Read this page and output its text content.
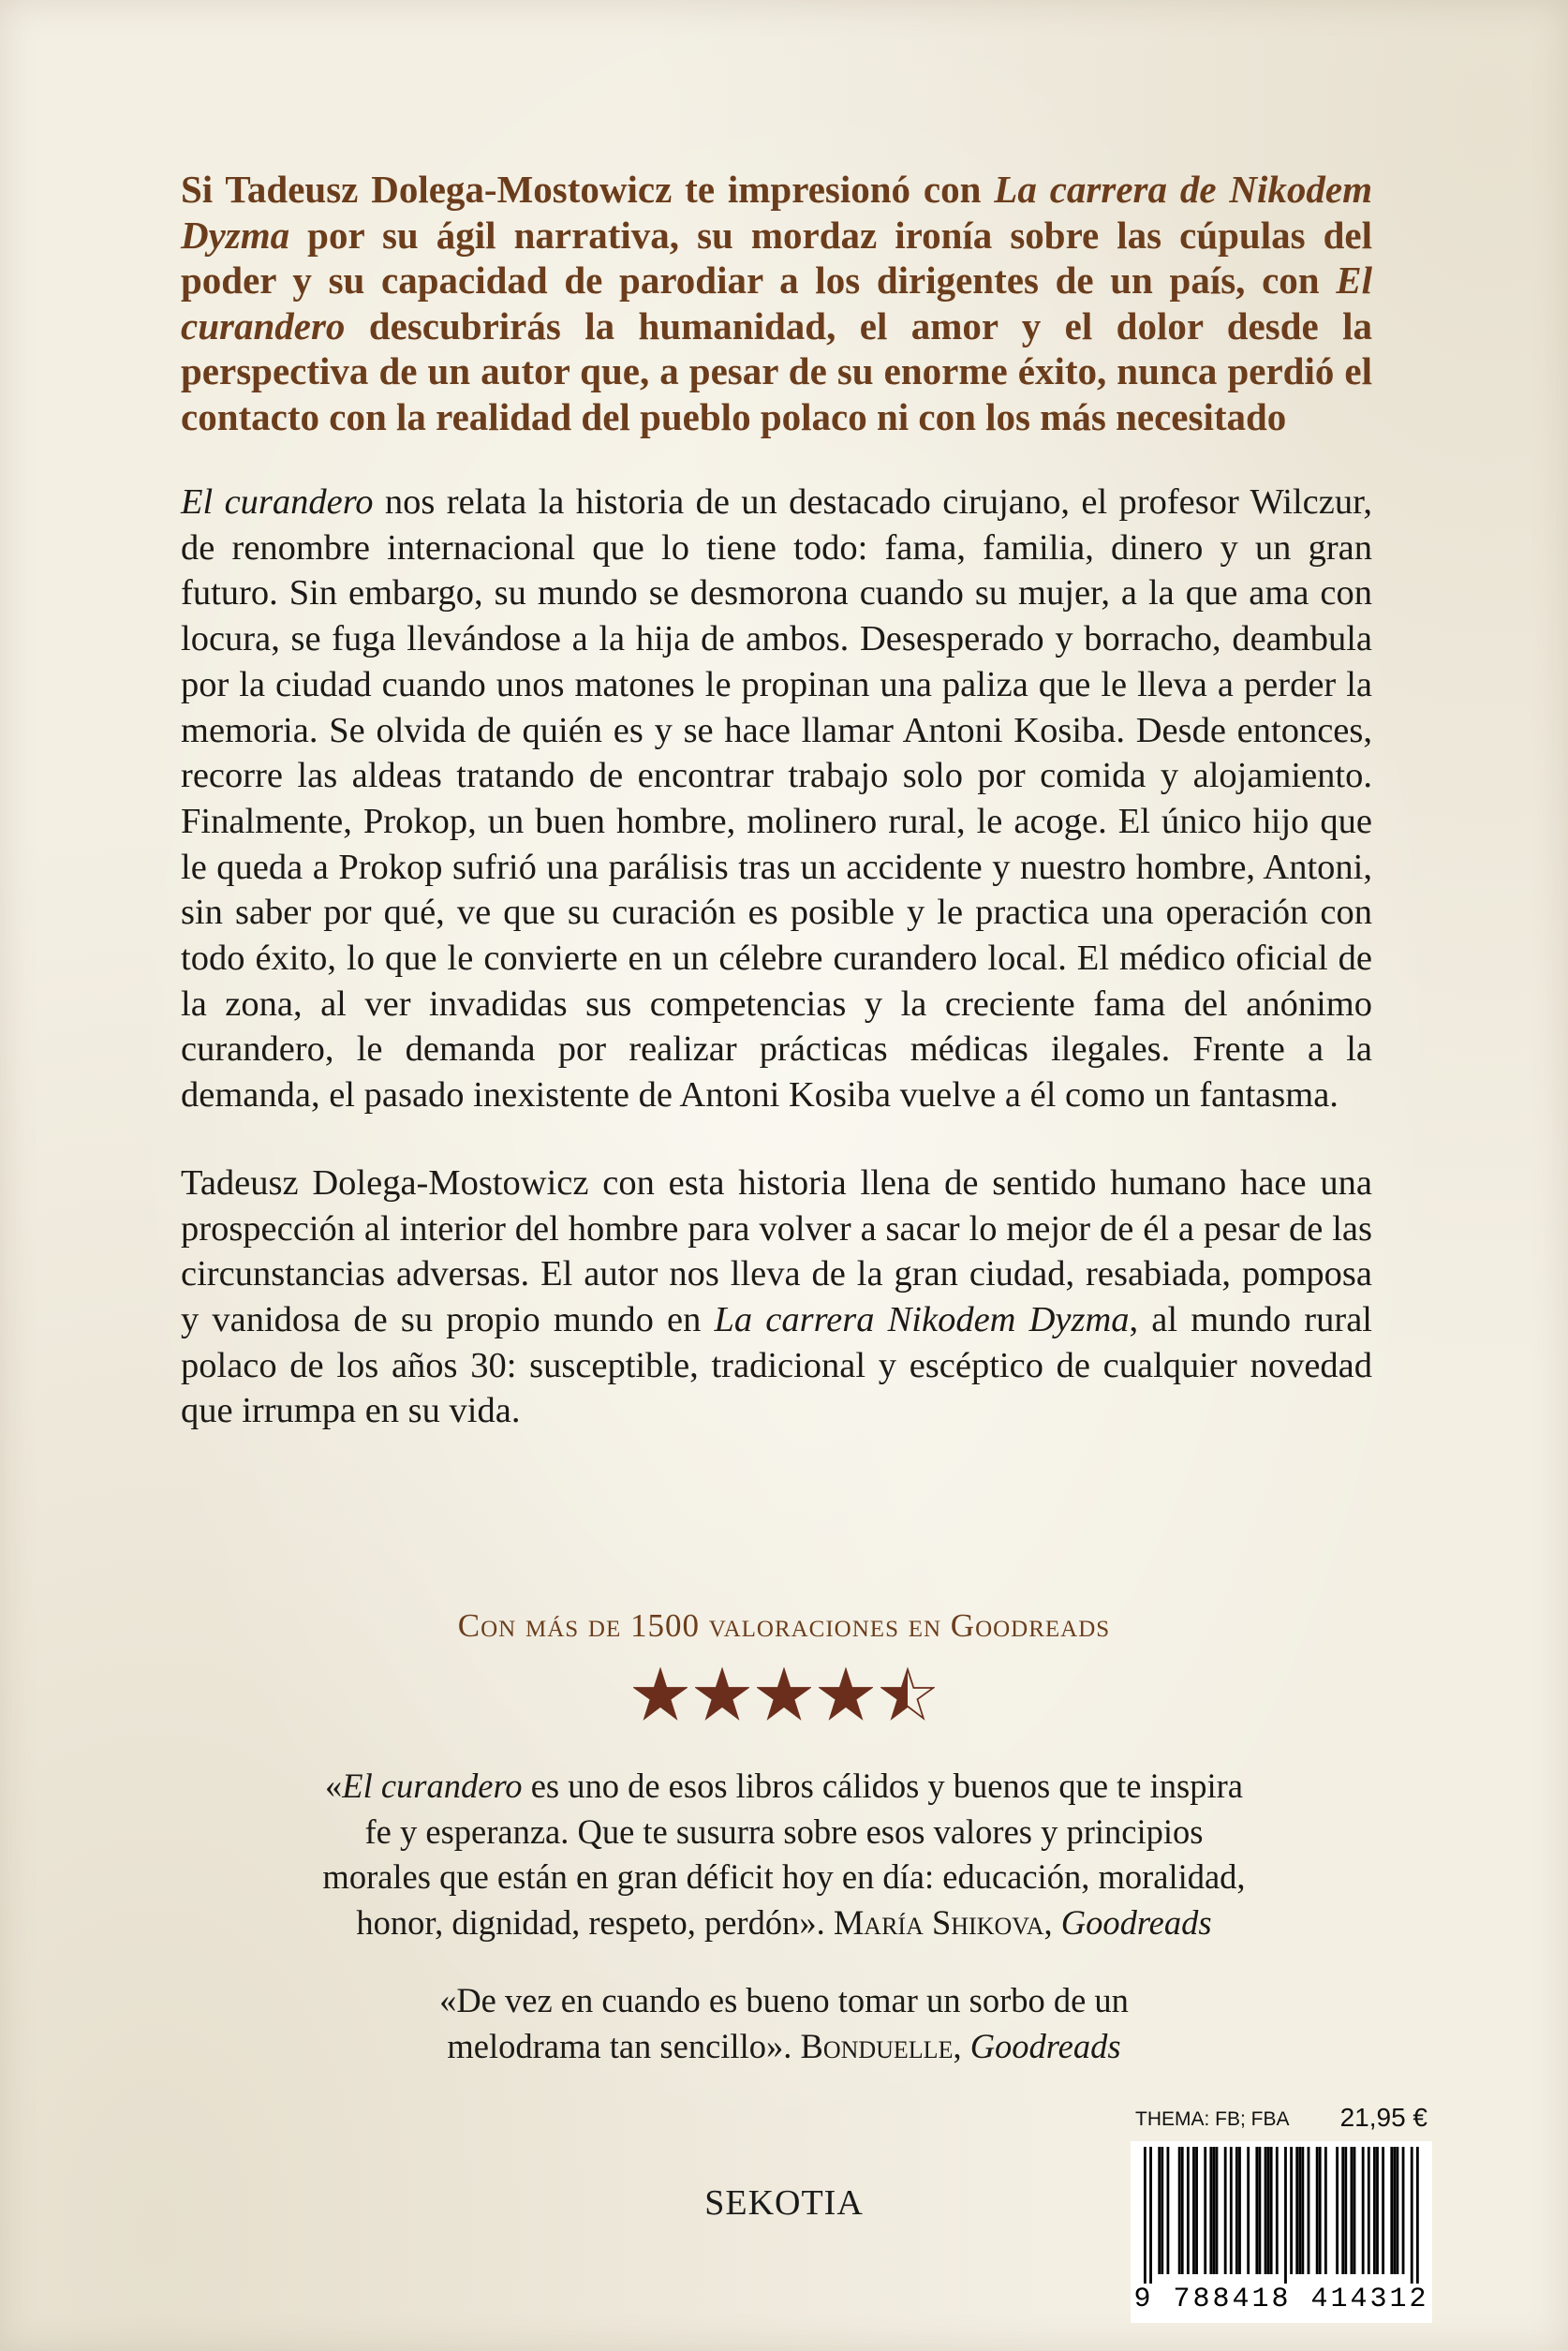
Si Tadeusz Dolega-Mostowicz te impresionó con La carrera de Nikodem Dyzma por su ágil narrativa, su mordaz ironía sobre las cúpulas del poder y su capacidad de parodiar a los dirigentes de un país, con El curandero descubrirás la humanidad, el amor y el dolor desde la perspectiva de un autor que, a pesar de su enorme éxito, nunca perdió el contacto con la realidad del pueblo polaco ni con los más necesitado

El curandero nos relata la historia de un destacado cirujano, el profesor Wilczur, de renombre internacional que lo tiene todo: fama, familia, dinero y un gran futuro. Sin embargo, su mundo se desmorona cuando su mujer, a la que ama con locura, se fuga llevándose a la hija de ambos. Desesperado y borracho, deambula por la ciudad cuando unos matones le propinan una paliza que le lleva a perder la memoria. Se olvida de quién es y se hace llamar Antoni Kosiba. Desde entonces, recorre las aldeas tratando de encontrar trabajo solo por comida y alojamiento. Finalmente, Prokop, un buen hombre, molinero rural, le acoge. El único hijo que le queda a Prokop sufrió una parálisis tras un accidente y nuestro hombre, Antoni, sin saber por qué, ve que su curación es posible y le practica una operación con todo éxito, lo que le convierte en un célebre curandero local. El médico oficial de la zona, al ver invadidas sus competencias y la creciente fama del anónimo curandero, le demanda por realizar prácticas médicas ilegales. Frente a la demanda, el pasado inexistente de Antoni Kosiba vuelve a él como un fantasma.

Tadeusz Dolega-Mostowicz con esta historia llena de sentido humano hace una prospección al interior del hombre para volver a sacar lo mejor de él a pesar de las circunstancias adversas. El autor nos lleva de la gran ciudad, resabiada, pomposa y vanidosa de su propio mundo en La carrera Nikodem Dyzma, al mundo rural polaco de los años 30: susceptible, tradicional y escéptico de cualquier novedad que irrumpa en su vida.

Con más de 1500 valoraciones en Goodreads
«El curandero es uno de esos libros cálidos y buenos que te inspira fe y esperanza. Que te susurra sobre esos valores y principios morales que están en gran déficit hoy en día: educación, moralidad, honor, dignidad, respeto, perdón». María Shikova, Goodreads
«De vez en cuando es bueno tomar un sorbo de un melodrama tan sencillo». Bonduelle, Goodreads
THEMA: FB; FBA 21,95 €
9 788418 414312
SEKOTIA
